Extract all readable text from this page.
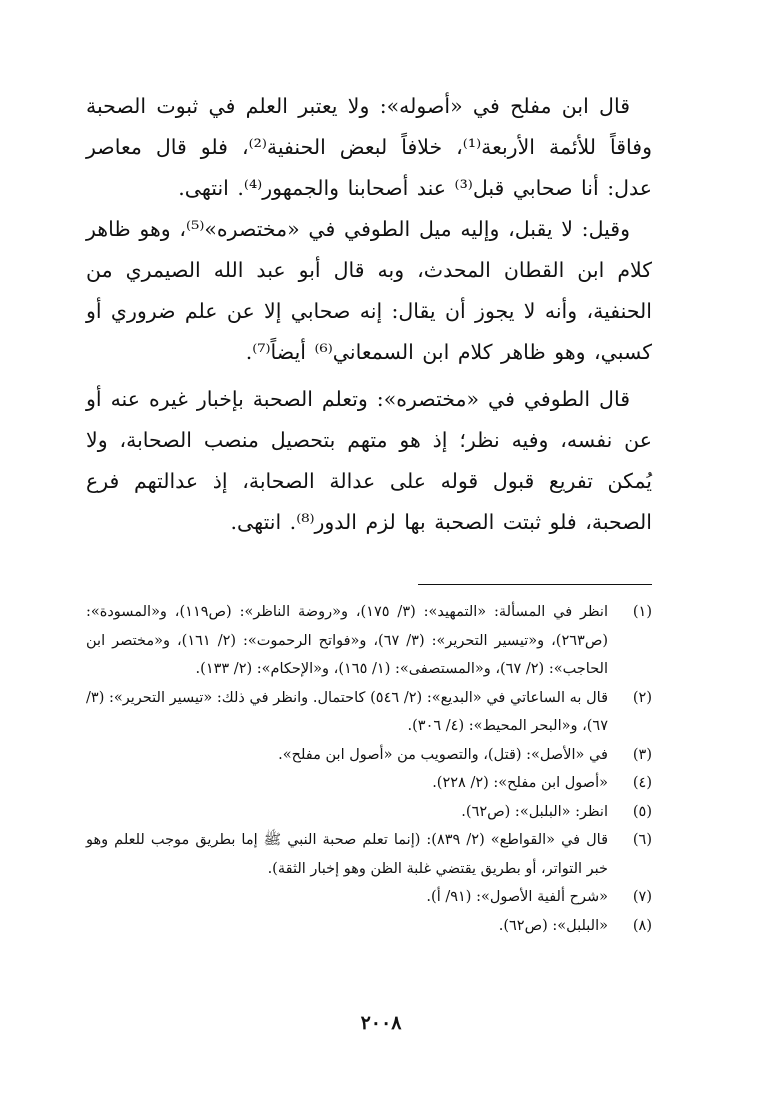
قال ابن مفلح في «أصوله»: ولا يعتبر العلم في ثبوت الصحبة وفاقاً للأئمة الأربعة⁽¹⁾، خلافاً لبعض الحنفية⁽²⁾، فلو قال معاصر عدل: أنا صحابي قبل⁽³⁾ عند أصحابنا والجمهور⁽⁴⁾. انتهى.

وقيل: لا يقبل، وإليه ميل الطوفي في «مختصره»⁽⁵⁾، وهو ظاهر كلام ابن القطان المحدث، وبه قال أبو عبد الله الصيمري من الحنفية، وأنه لا يجوز أن يقال: إنه صحابي إلا عن علم ضروري أو كسبي، وهو ظاهر كلام ابن السمعاني⁽⁶⁾ أيضاً⁽⁷⁾.

قال الطوفي في «مختصره»: وتعلم الصحبة بإخبار غيره عنه أو عن نفسه، وفيه نظر؛ إذ هو متهم بتحصيل منصب الصحابة، ولا يُمكن تفريع قبول قوله على عدالة الصحابة، إذ عدالتهم فرع الصحبة، فلو ثبتت الصحبة بها لزم الدور⁽⁸⁾. انتهى.

(١)
انظر في المسألة: «التمهيد»: (٣/ ١٧٥)، و«روضة الناظر»: (ص١١٩)، و«المسودة»: (ص٢٦٣)، و«تيسير التحرير»: (٣/ ٦٧)، و«فواتح الرحموت»: (٢/ ١٦١)، و«مختصر ابن الحاجب»: (٢/ ٦٧)، و«المستصفى»: (١/ ١٦٥)، و«الإحكام»: (٢/ ١٣٣).
(٢)
قال به الساعاتي في «البديع»: (٢/ ٥٤٦) كاحتمال. وانظر في ذلك: «تيسير التحرير»: (٣/ ٦٧)، و«البحر المحيط»: (٤/ ٣٠٦).
(٣)
في «الأصل»: (قتل)، والتصويب من «أصول ابن مفلح».
(٤)
«أصول ابن مفلح»: (٢/ ٢٢٨).
(٥)
انظر: «البلبل»: (ص٦٢).
(٦)
قال في «القواطع» (٢/ ٨٣٩): (إنما تعلم صحبة النبي ﷺ إما بطريق موجب للعلم وهو خبر التواتر، أو بطريق يقتضي غلبة الظن وهو إخبار الثقة).
(٧)
«شرح ألفية الأصول»: (٩١/ أ).
(٨)
«البلبل»: (ص٦٢).
٢٠٠٨
